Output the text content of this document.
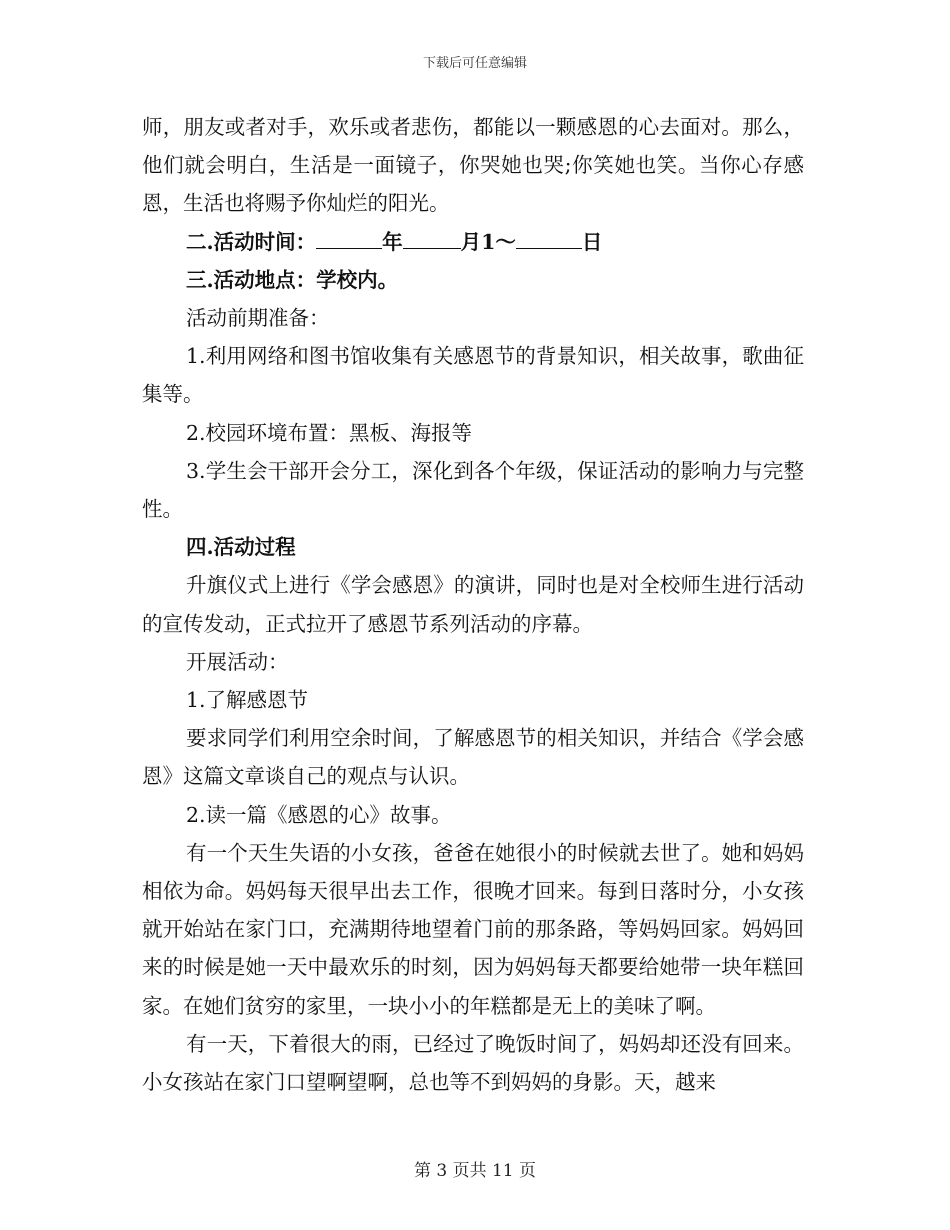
下载后可任意编辑

师，朋友或者对手，欢乐或者悲伤，都能以一颗感恩的心去面对。那么，他们就会明白，生活是一面镜子，你哭她也哭;你笑她也笑。当你心存感恩，生活也将赐予你灿烂的阳光。

二.活动时间：	年	月1～	日

三.活动地点：学校内。

活动前期准备：

1.利用网络和图书馆收集有关感恩节的背景知识，相关故事，歌曲征集等。

2.校园环境布置：黑板、海报等

3.学生会干部开会分工，深化到各个年级，保证活动的影响力与完整性。

四.活动过程

升旗仪式上进行《学会感恩》的演讲，同时也是对全校师生进行活动的宣传发动，正式拉开了感恩节系列活动的序幕。

开展活动：

1.了解感恩节

要求同学们利用空余时间，了解感恩节的相关知识，并结合《学会感恩》这篇文章谈自己的观点与认识。

2.读一篇《感恩的心》故事。

有一个天生失语的小女孩，爸爸在她很小的时候就去世了。她和妈妈相依为命。妈妈每天很早出去工作，很晚才回来。每到日落时分，小女孩就开始站在家门口，充满期待地望着门前的那条路，等妈妈回家。妈妈回来的时候是她一天中最欢乐的时刻，因为妈妈每天都要给她带一块年糕回家。在她们贫穷的家里，一块小小的年糕都是无上的美味了啊。

有一天，下着很大的雨，已经过了晚饭时间了，妈妈却还没有回来。小女孩站在家门口望啊望啊，总也等不到妈妈的身影。天，越来

第 3 页共 11 页
